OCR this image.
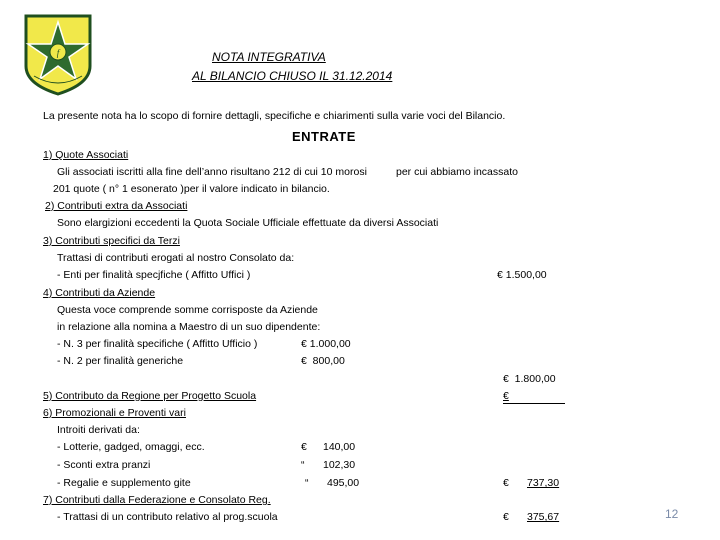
f	NOTA INTEGRATIVA
AL BILANCIO CHIUSO IL 31.12.2014
La presente nota ha lo scopo di fornire dettagli, specifiche e chiarimenti sulla varie voci del Bilancio.
ENTRATE
1) Quote Associati
Gli associati iscritti alla fine dell’anno risultano 212 di cui 10 morosi	per cui abbiamo incassato
201 quote ( n° 1 esonerato )per il valore indicato in bilancio.
2) Contributi extra da Associati
Sono elargizioni eccedenti la Quota Sociale Ufficiale effettuate da diversi Associati
3) Contributi specifici da Terzi
Trattasi di contributi erogati al nostro Consolato da:
- Enti per finalità specjfiche ( Affitto Uffici )	€ 1.500,00
4) Contributi da Aziende
Questa voce comprende somme corrisposte da Aziende
in relazione alla nomina a Maestro di un suo dipendente:
- N. 3 per finalità specifiche ( Affitto Ufficio )	€ 1.000,00
- N. 2 per finalità generiche	€  800,00
€  1.800,00
5) Contributo da Regione per Progetto Scuola	€
6) Promozionali e Proventi vari
Introiti derivati da:
- Lotterie, gadged, omaggi, ecc.	€ 140,00
- Sconti extra pranzi	“ 102,30
- Regalie e supplemento gite	“ 495,00	€ 737,30
7) Contributi dalla Federazione e Consolato Reg.
- Trattasi di un contributo relativo al prog.scuola	€ 375,67	12
